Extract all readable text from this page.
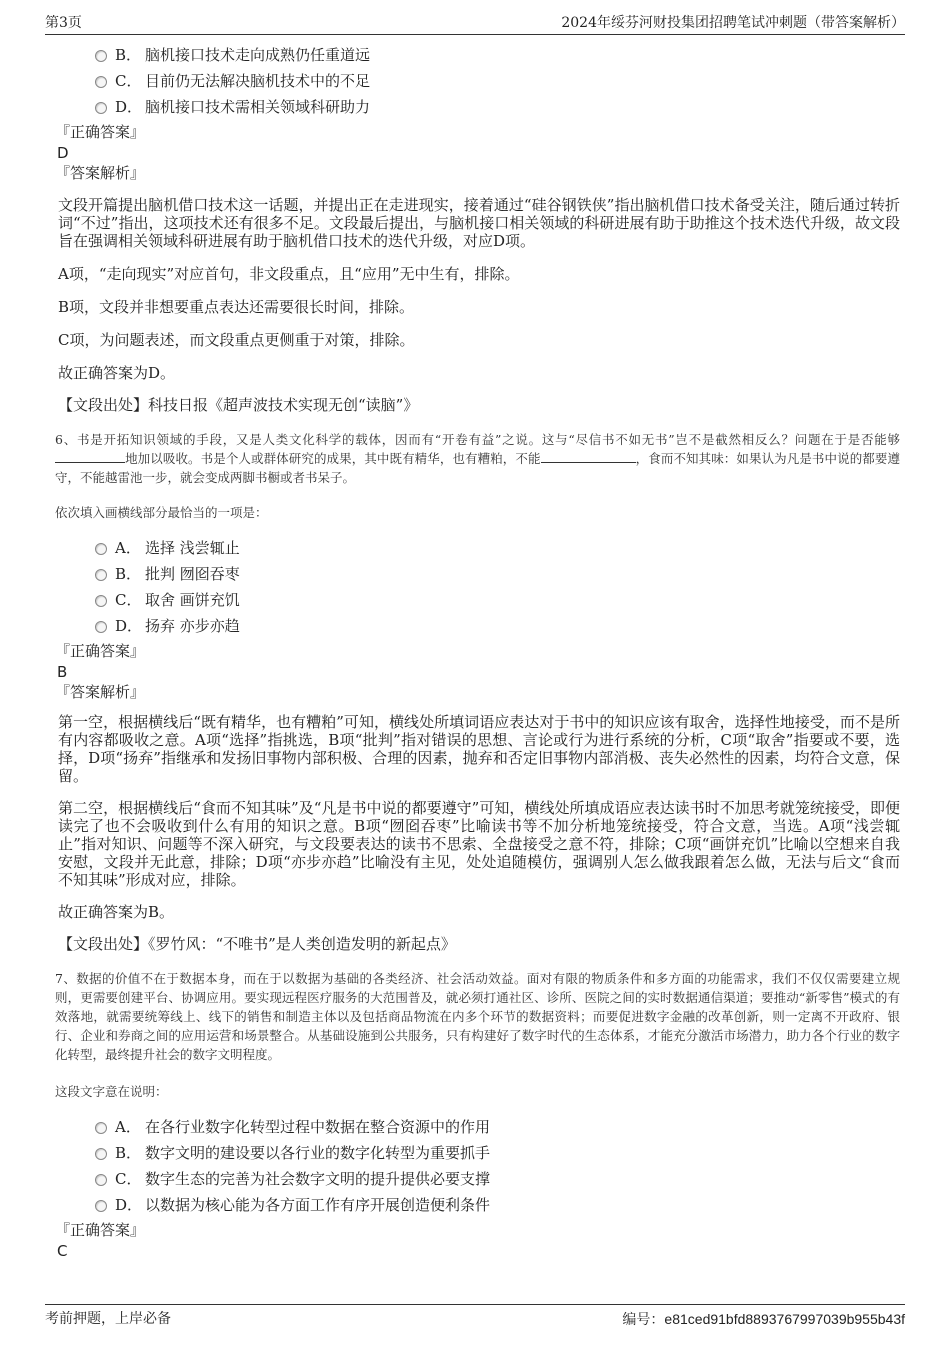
第3页	2024年绥芬河财投集团招聘笔试冲刺题（带答案解析）
B． 脑机接口技术走向成熟仍任重道远
C． 目前仍无法解决脑机技术中的不足
D． 脑机接口技术需相关领域科研助力
『正确答案』
D
『答案解析』

文段开篇提出脑机借口技术这一话题，并提出正在走进现实，接着通过“硅谷钢铁侠”指出脑机借口技术备受关注，随后通过转折词“不过”指出，这项技术还有很多不足。文段最后提出，与脑机接口相关领域的科研进展有助于助推这个技术迭代升级，故文段旨在强调相关领域科研进展有助于脑机借口技术的迭代升级，对应D项。

A项，“走向现实”对应首句，非文段重点，且“应用”无中生有，排除。

B项，文段并非想要重点表达还需要很长时间，排除。

C项，为问题表述，而文段重点更侧重于对策，排除。

故正确答案为D。

【文段出处】科技日报《超声波技术实现无创“读脑”》

6、书是开拓知识领域的手段，又是人类文化科学的载体，因而有“开卷有益”之说。这与“尽信书不如无书”岂不是截然相反么？问题在于是否能够地加以吸收。书是个人或群体研究的成果，其中既有精华，也有糟粕，不能	，食而不知其味：如果认为凡是书中说的都要遵守，不能越雷池一步，就会变成两脚书橱或者书呆子。

依次填入画横线部分最恰当的一项是：
A． 选择 浅尝辄止
B． 批判 囫囵吞枣
C． 取舍 画饼充饥
D． 扬弃 亦步亦趋
『正确答案』
B
『答案解析』

第一空，根据横线后“既有精华，也有糟粕”可知，横线处所填词语应表达对于书中的知识应该有取舍，选择性地接受，而不是所有内容都吸收之意。A项“选择”指挑选，B项“批判”指对错误的思想、言论或行为进行系统的分析，C项“取舍”指要或不要，选择，D项“扬弃”指继承和发扬旧事物内部积极、合理的因素，抛弃和否定旧事物内部消极、丧失必然性的因素，均符合文意，保留。

第二空，根据横线后“食而不知其味”及“凡是书中说的都要遵守”可知，横线处所填成语应表达读书时不加思考就笼统接受，即便读完了也不会吸收到什么有用的知识之意。B项“囫囵吞枣”比喻读书等不加分析地笼统接受，符合文意，当选。A项“浅尝辄止”指对知识、问题等不深入研究，与文段要表达的读书不思索、全盘接受之意不符，排除；C项“画饼充饥”比喻以空想来自我安慰，文段并无此意，排除；D项“亦步亦趋”比喻没有主见，处处追随模仿，强调别人怎么做我跟着怎么做，无法与后文“食而不知其味”形成对应，排除。

故正确答案为B。

【文段出处】《罗竹风：“不唯书”是人类创造发明的新起点》

7、数据的价值不在于数据本身，而在于以数据为基础的各类经济、社会活动效益。面对有限的物质条件和多方面的功能需求，我们不仅仅需要建立规则，更需要创建平台、协调应用。要实现远程医疗服务的大范围普及，就必须打通社区、诊所、医院之间的实时数据通信渠道；要推动“新零售”模式的有效落地，就需要统筹线上、线下的销售和制造主体以及包括商品物流在内多个环节的数据资料；而要促进数字金融的改革创新，则一定离不开政府、银行、企业和券商之间的应用运营和场景整合。从基础设施到公共服务，只有构建好了数字时代的生态体系，才能充分激活市场潜力，助力各个行业的数字化转型，最终提升社会的数字文明程度。

这段文字意在说明：
A． 在各行业数字化转型过程中数据在整合资源中的作用
B． 数字文明的建设要以各行业的数字化转型为重要抓手
C． 数字生态的完善为社会数字文明的提升提供必要支撑
D． 以数据为核心能为各方面工作有序开展创造便利条件
『正确答案』
C
考前押题，上岸必备	编号：e81ced91bfd8893767997039b955b43f
